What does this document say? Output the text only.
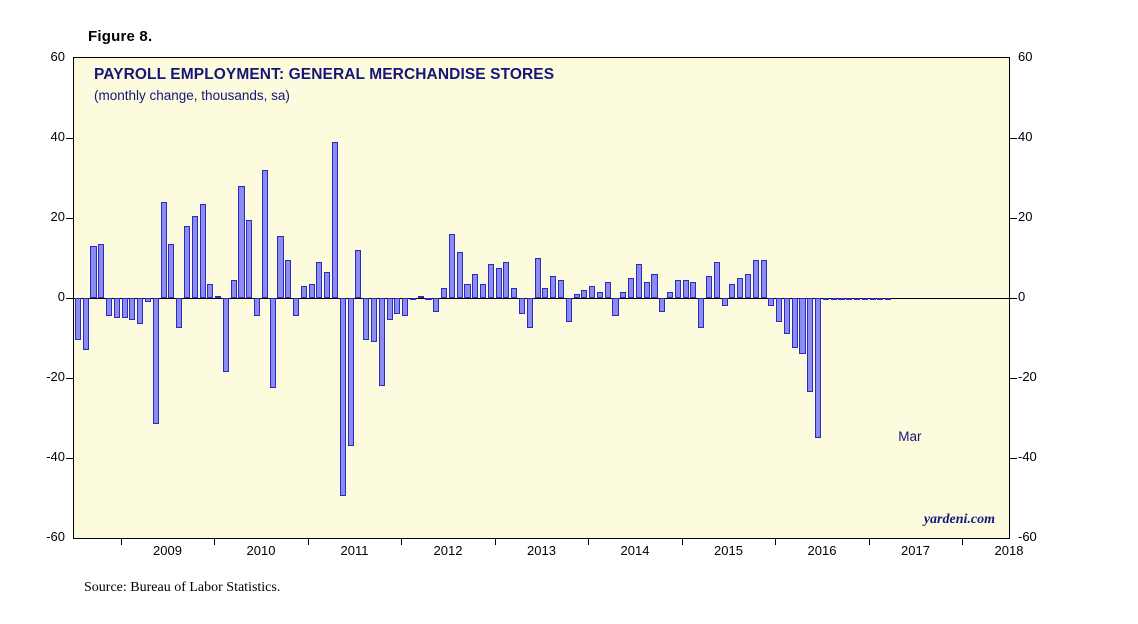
Figure 8.
PAYROLL EMPLOYMENT: GENERAL MERCHANDISE STORES
(monthly change, thousands, sa)
Mar
yardeni.com
60	60
40	40
20	20
0	0
-20	-20
-40	-40
-60	-60
2009	2010	2011	2012	2013	2014	2015	2016	2017	2018
Source: Bureau of Labor Statistics.
